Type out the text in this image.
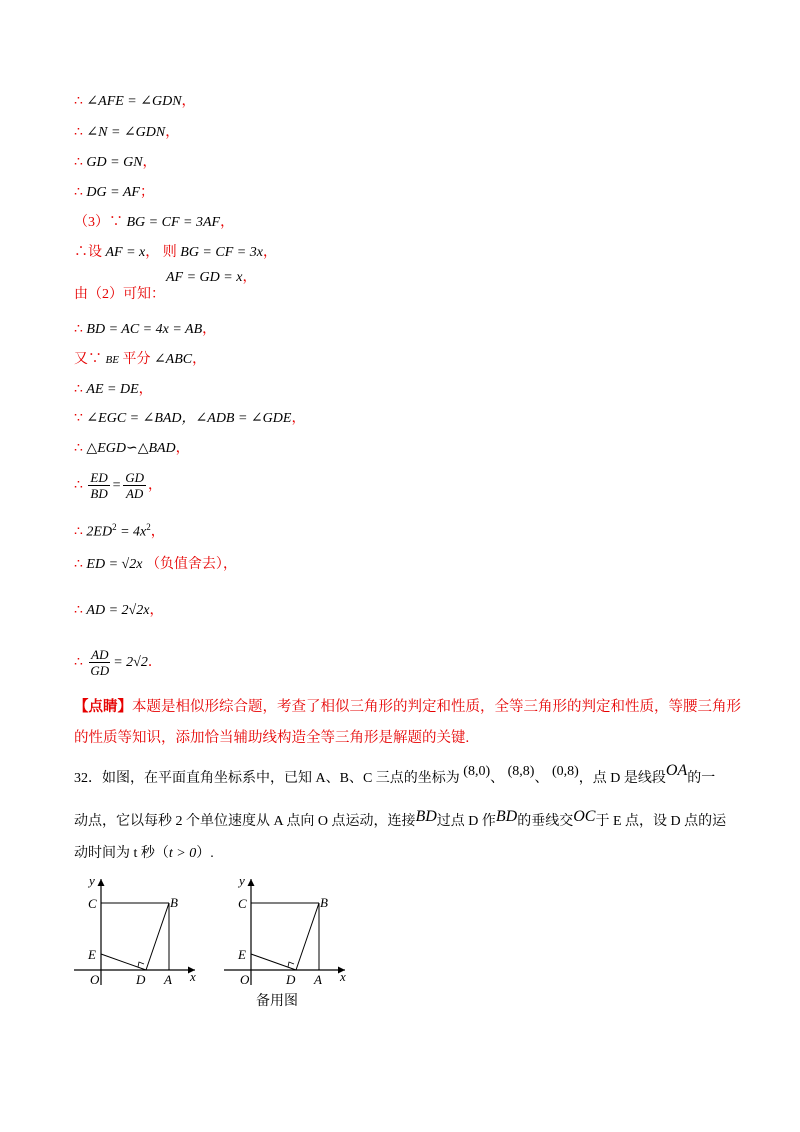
∴ ∠AFE = ∠GDN，
∴ ∠N = ∠GDN，
∴ GD = GN，
∴ DG = AF；
（3）∵ BG = CF = 3AF，
∴设 AF = x， 则 BG = CF = 3x，
AF = GD = x，
由（2）可知：
∴ BD = AC = 4x = AB，
又∵ BE 平分 ∠ABC，
∴ AE = DE，
∵ ∠EGC = ∠BAD，∠ADB = ∠GDE，
∴ △EGD∽△BAD，
∴ $\frac{ED}{BD} = \frac{GD}{AD}$ ，
∴ $2ED^2 = 4x^2$，
∴ ED = √2x （负值舍去），
∴ AD = 2√2x，
∴ $\frac{AD}{GD} = 2√2$．
【点睛】本题是相似形综合题，考查了相似三角形的判定和性质，全等三角形的判定和性质，等腰三角形
的性质等知识，添加恰当辅助线构造全等三角形是解题的关键.
32．如图，在平面直角坐标系中，已知 A、B、C 三点的坐标为 (8,0)、 (8,8)、 (0,8)，点 D 是线段OA的一
动点，它以每秒 2 个单位速度从 A 点向 O 点运动，连接BD过点 D 作BD的垂线交OC于 E 点，设 D 点的运
动时间为 t 秒（t > 0）.
y
C	B
E
O	D A x
y
C	B
E
O	D A x
备用图
